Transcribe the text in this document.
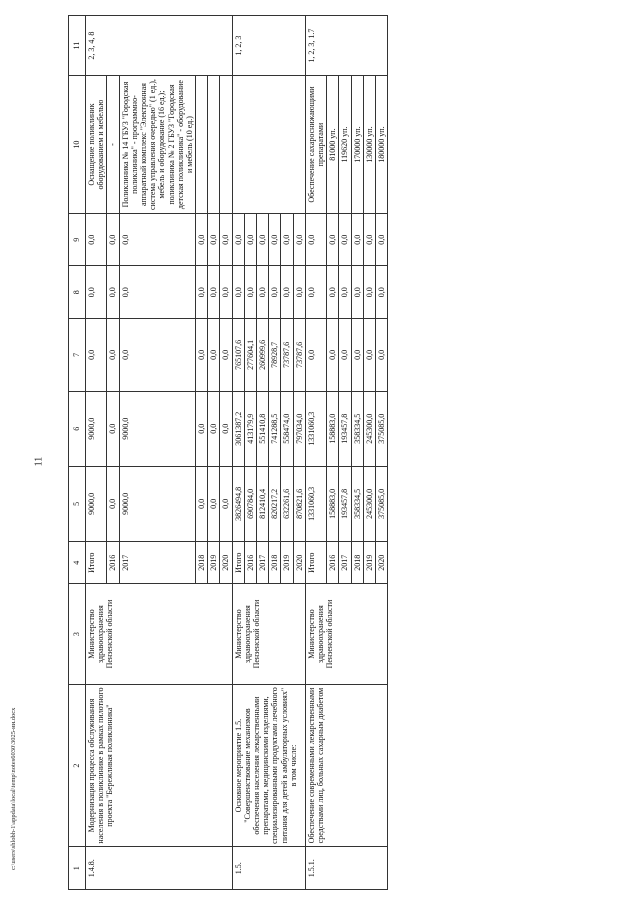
11
1	2	3	4	5	6	7	8	9	10	11
1.4.8.	Модернизация процесса обслуживания населения в поликлинике в рамках пилотного проекта "Бережливая поликлиника"	Министерство здравоохранения Пензенской области	Итого	9000,0	9000,0	0,0	0,0	0,0	Оснащение поликлиник оборудованием и мебелью	2, 3, 4, 8
			2016	0,0	0,0	0,0	0,0	0,0	-	
			2017	9000,0	9000,0	0,0	0,0	0,0	Поликлиника № 14 ГБУЗ "Городская поликлиника" - программно-аппаратный комплекс "Электронная система управления очередью" (1 ед.), мебель и оборудование (16 ед.); поликлиника № 2 ГБУЗ "Городская детская поликлиника" - оборудование и мебель (10 ед.)	
			2018	0,0	0,0	0,0	0,0	0,0		
			2019	0,0	0,0	0,0	0,0	0,0		
			2020	0,0	0,0	0,0	0,0	0,0		
1.5.	Основное мероприятие 1.5. "Совершенствование механизмов обеспечения населения лекарственными препаратами, медицинскими изделиями, специализированными продуктами лечебного питания для детей в амбулаторных условиях" в том числе:	Министерство здравоохранения Пензенской области	Итого	3826494,8	3061387,2	765107,6	0,0	0,0		1, 2, 3
			2016	690784,0	413179,9	277604,1	0,0	0,0		
			2017	812410,4	551410,8	260999,6	0,0	0,0		
			2018	820217,2	741288,5	78928,7	0,0	0,0		
			2019	632261,6	558474,0	73787,6	0,0	0,0		
			2020	870821,6	797034,0	73787,6	0,0	0,0		
1.5.1.	Обеспечение современными лекарственными средствами лиц, больных сахарным диабетом	Министерство здравоохранения Пензенской области	Итого	1331060,3	1331060,3	0,0	0,0	0,0	Обеспечение сахароснижающими препаратами	1, 2, 3, 1.7
			2016	158883,0	158883,0	0,0	0,0	0,0	81000 уп.	
			2017	193457,8	193457,8	0,0	0,0	0,0	119620 уп.	
			2018	358334,5	358334,5	0,0	0,0	0,0	170000 уп.	
			2019	245300,0	245300,0	0,0	0,0	0,0	130000 уп.	
			2020	375085,0	375085,0	0,0	0,0	0,0	180000 уп.	
c:\users\shlobh-1\appdata\local\temp\notes6030\3025-ии.docx
